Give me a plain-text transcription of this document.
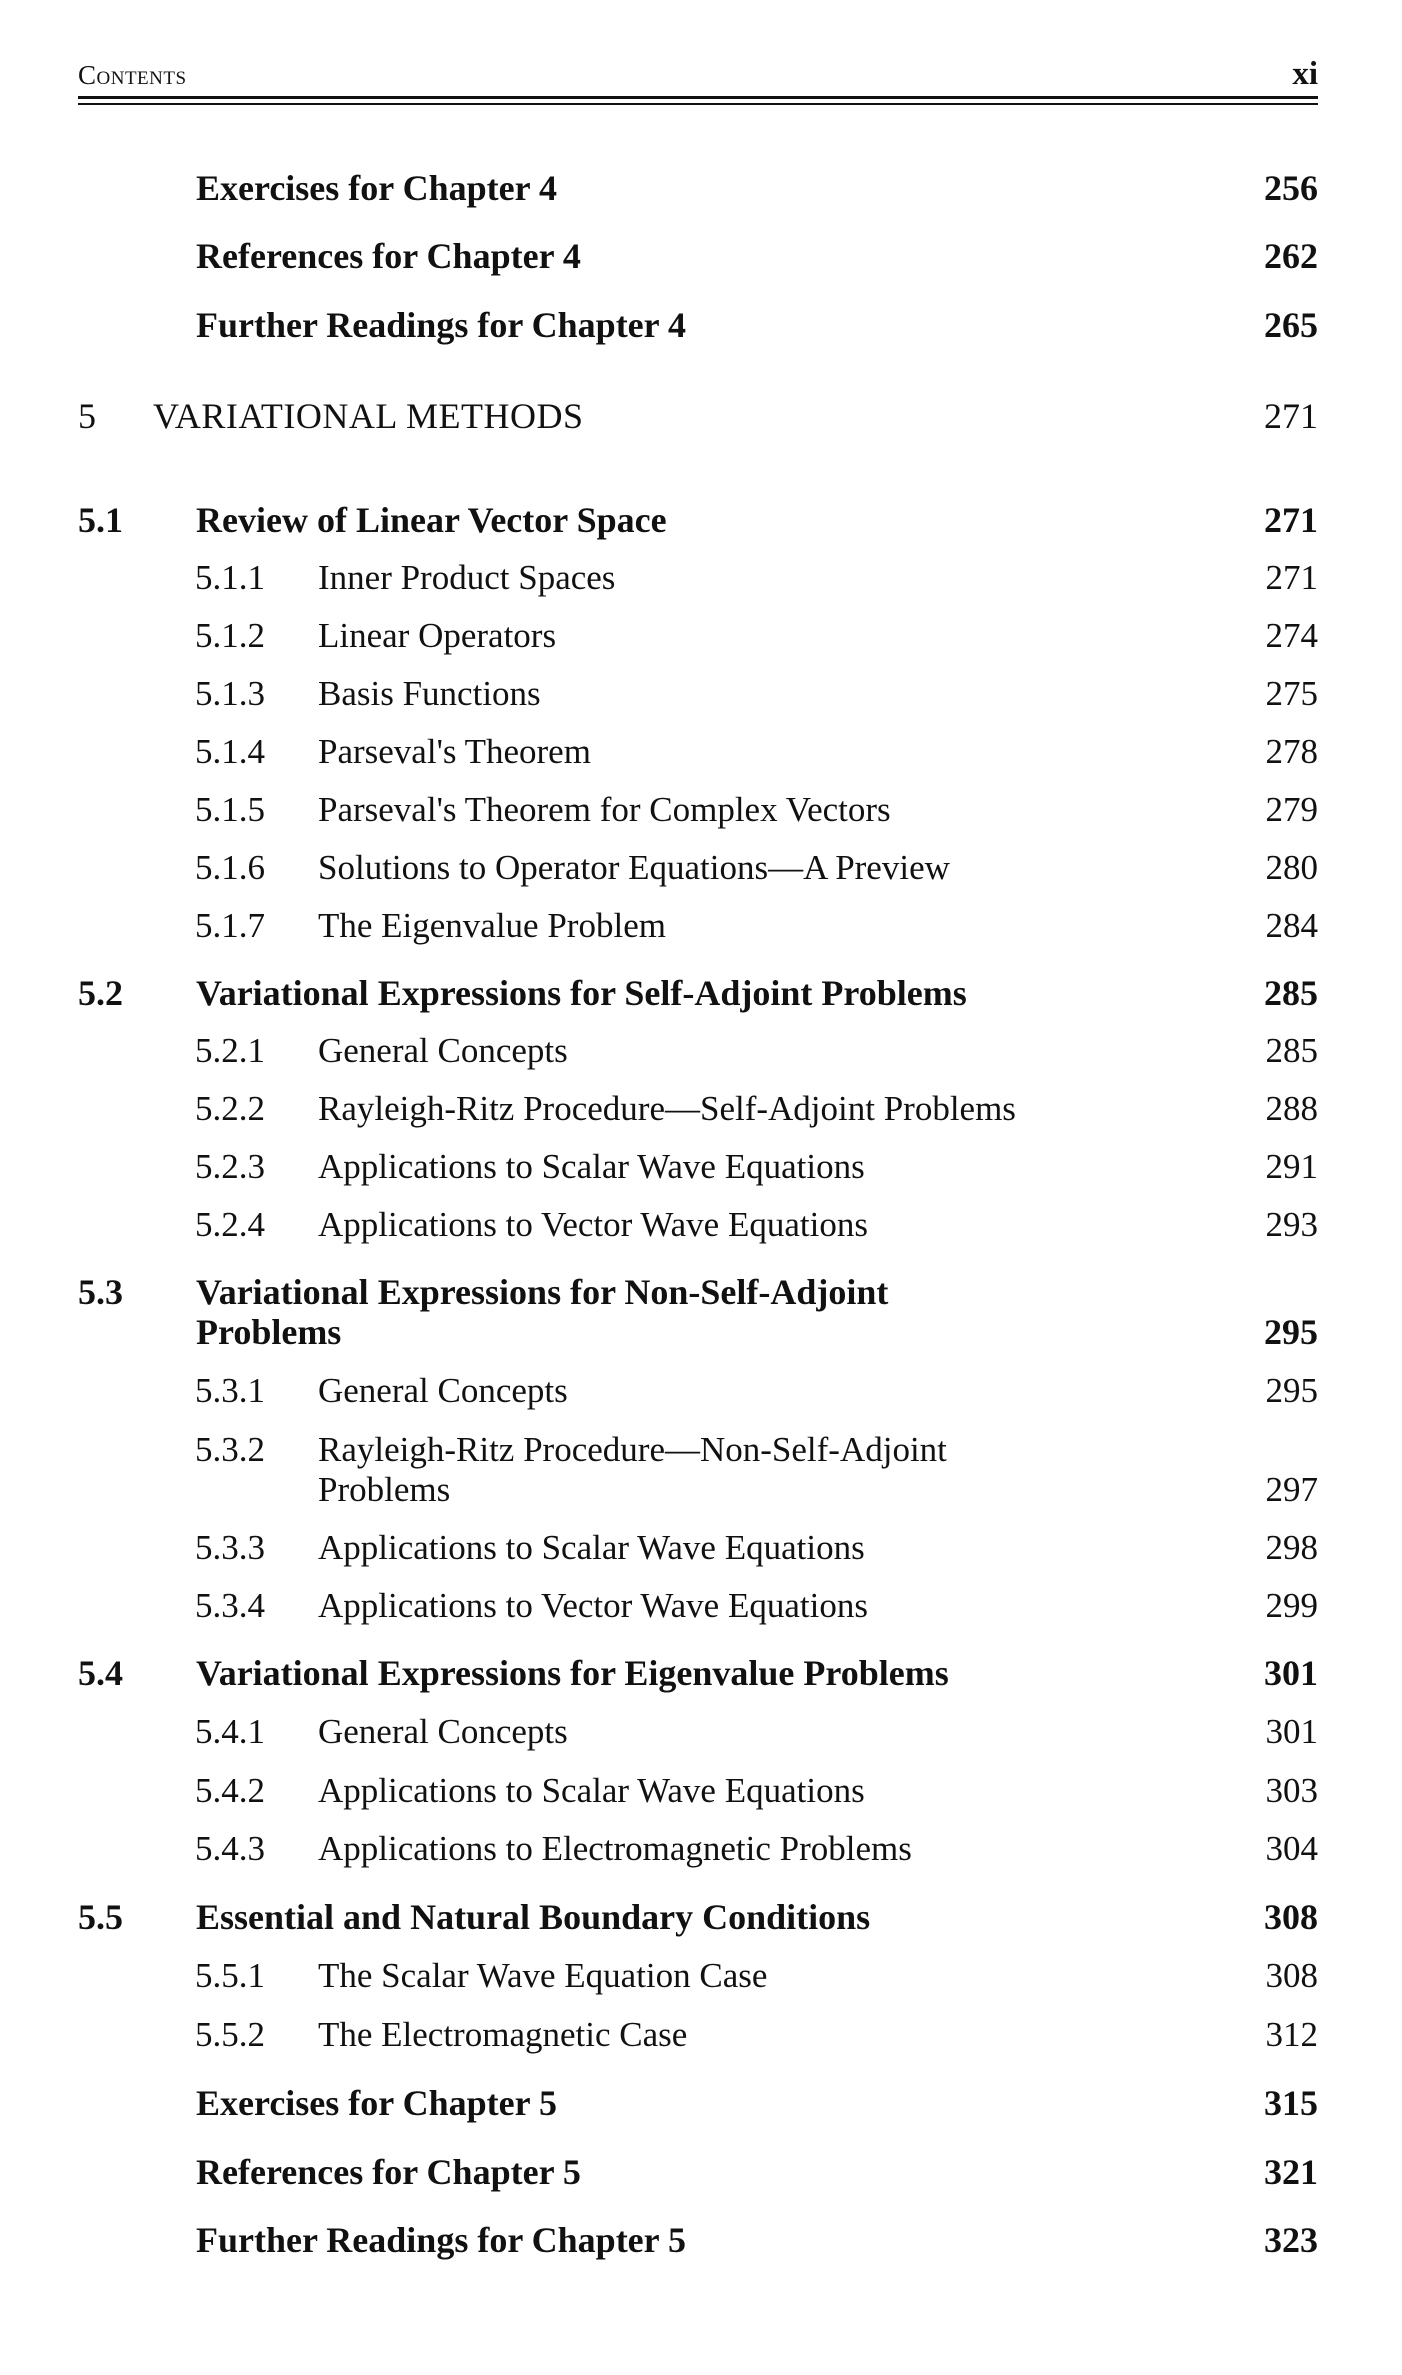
Contents	xi
Exercises for Chapter 4	256
References for Chapter 4	262
Further Readings for Chapter 4	265
5 VARIATIONAL METHODS	271
5.1 Review of Linear Vector Space	271
5.1.1 Inner Product Spaces	271
5.1.2 Linear Operators	274
5.1.3 Basis Functions	275
5.1.4 Parseval's Theorem	278
5.1.5 Parseval's Theorem for Complex Vectors	279
5.1.6 Solutions to Operator Equations—A Preview	280
5.1.7 The Eigenvalue Problem	284
5.2 Variational Expressions for Self-Adjoint Problems	285
5.2.1 General Concepts	285
5.2.2 Rayleigh-Ritz Procedure—Self-Adjoint Problems	288
5.2.3 Applications to Scalar Wave Equations	291
5.2.4 Applications to Vector Wave Equations	293
5.3 Variational Expressions for Non-Self-Adjoint
Problems	295
5.3.1 General Concepts	295
5.3.2 Rayleigh-Ritz Procedure—Non-Self-Adjoint
Problems	297
5.3.3 Applications to Scalar Wave Equations	298
5.3.4 Applications to Vector Wave Equations	299
5.4 Variational Expressions for Eigenvalue Problems	301
5.4.1 General Concepts	301
5.4.2 Applications to Scalar Wave Equations	303
5.4.3 Applications to Electromagnetic Problems	304
5.5 Essential and Natural Boundary Conditions	308
5.5.1 The Scalar Wave Equation Case	308
5.5.2 The Electromagnetic Case	312
Exercises for Chapter 5	315
References for Chapter 5	321
Further Readings for Chapter 5	323
